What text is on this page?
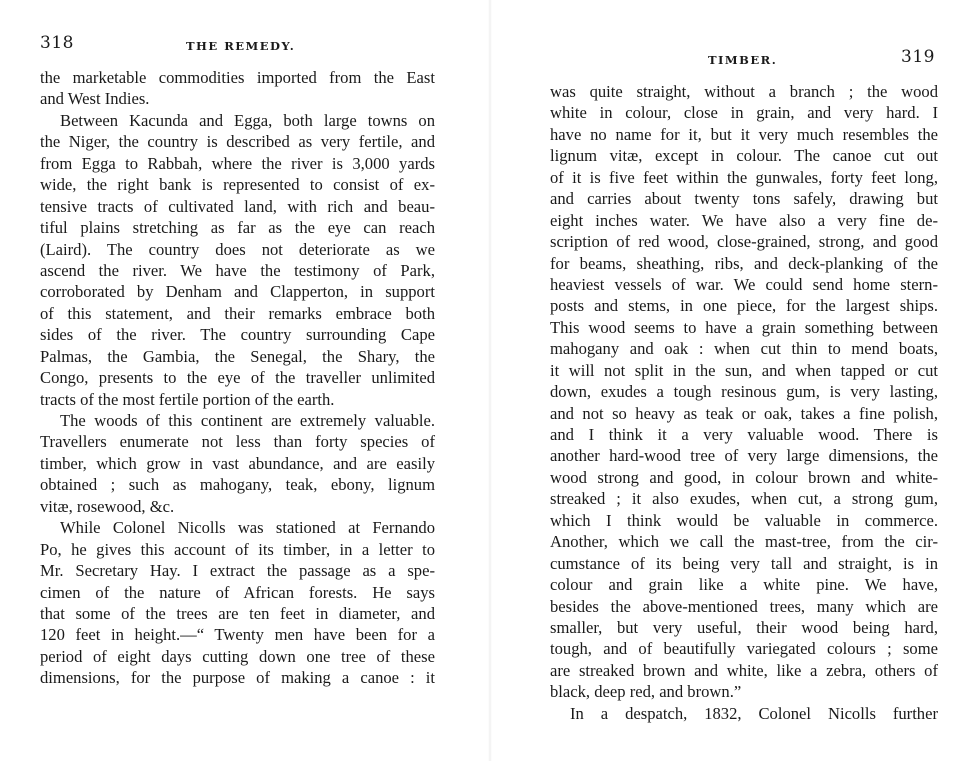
318	THE REMEDY.
the marketable commodities imported from the East
and West Indies.
Between Kacunda and Egga, both large towns on
the Niger, the country is described as very fertile, and
from Egga to Rabbah, where the river is 3,000 yards
wide, the right bank is represented to consist of ex-
tensive tracts of cultivated land, with rich and beau-
tiful plains stretching as far as the eye can reach
(Laird). The country does not deteriorate as we
ascend the river. We have the testimony of Park,
corroborated by Denham and Clapperton, in support
of this statement, and their remarks embrace both
sides of the river. The country surrounding Cape
Palmas, the Gambia, the Senegal, the Shary, the
Congo, presents to the eye of the traveller unlimited
tracts of the most fertile portion of the earth.
The woods of this continent are extremely valuable.
Travellers enumerate not less than forty species of
timber, which grow in vast abundance, and are easily
obtained ; such as mahogany, teak, ebony, lignum
vitæ, rosewood, &c.
While Colonel Nicolls was stationed at Fernando
Po, he gives this account of its timber, in a letter to
Mr. Secretary Hay. I extract the passage as a spe-
cimen of the nature of African forests. He says
that some of the trees are ten feet in diameter, and
120 feet in height.—“ Twenty men have been for a
period of eight days cutting down one tree of these
dimensions, for the purpose of making a canoe : it
TIMBER.	319
was quite straight, without a branch ; the wood
white in colour, close in grain, and very hard. I
have no name for it, but it very much resembles the
lignum vitæ, except in colour. The canoe cut out
of it is five feet within the gunwales, forty feet long,
and carries about twenty tons safely, drawing but
eight inches water. We have also a very fine de-
scription of red wood, close-grained, strong, and good
for beams, sheathing, ribs, and deck-planking of the
heaviest vessels of war. We could send home stern-
posts and stems, in one piece, for the largest ships.
This wood seems to have a grain something between
mahogany and oak : when cut thin to mend boats,
it will not split in the sun, and when tapped or cut
down, exudes a tough resinous gum, is very lasting,
and not so heavy as teak or oak, takes a fine polish,
and I think it a very valuable wood. There is
another hard-wood tree of very large dimensions, the
wood strong and good, in colour brown and white-
streaked ; it also exudes, when cut, a strong gum,
which I think would be valuable in commerce.
Another, which we call the mast-tree, from the cir-
cumstance of its being very tall and straight, is in
colour and grain like a white pine. We have,
besides the above-mentioned trees, many which are
smaller, but very useful, their wood being hard,
tough, and of beautifully variegated colours ; some
are streaked brown and white, like a zebra, others of
black, deep red, and brown.”
In a despatch, 1832, Colonel Nicolls further
